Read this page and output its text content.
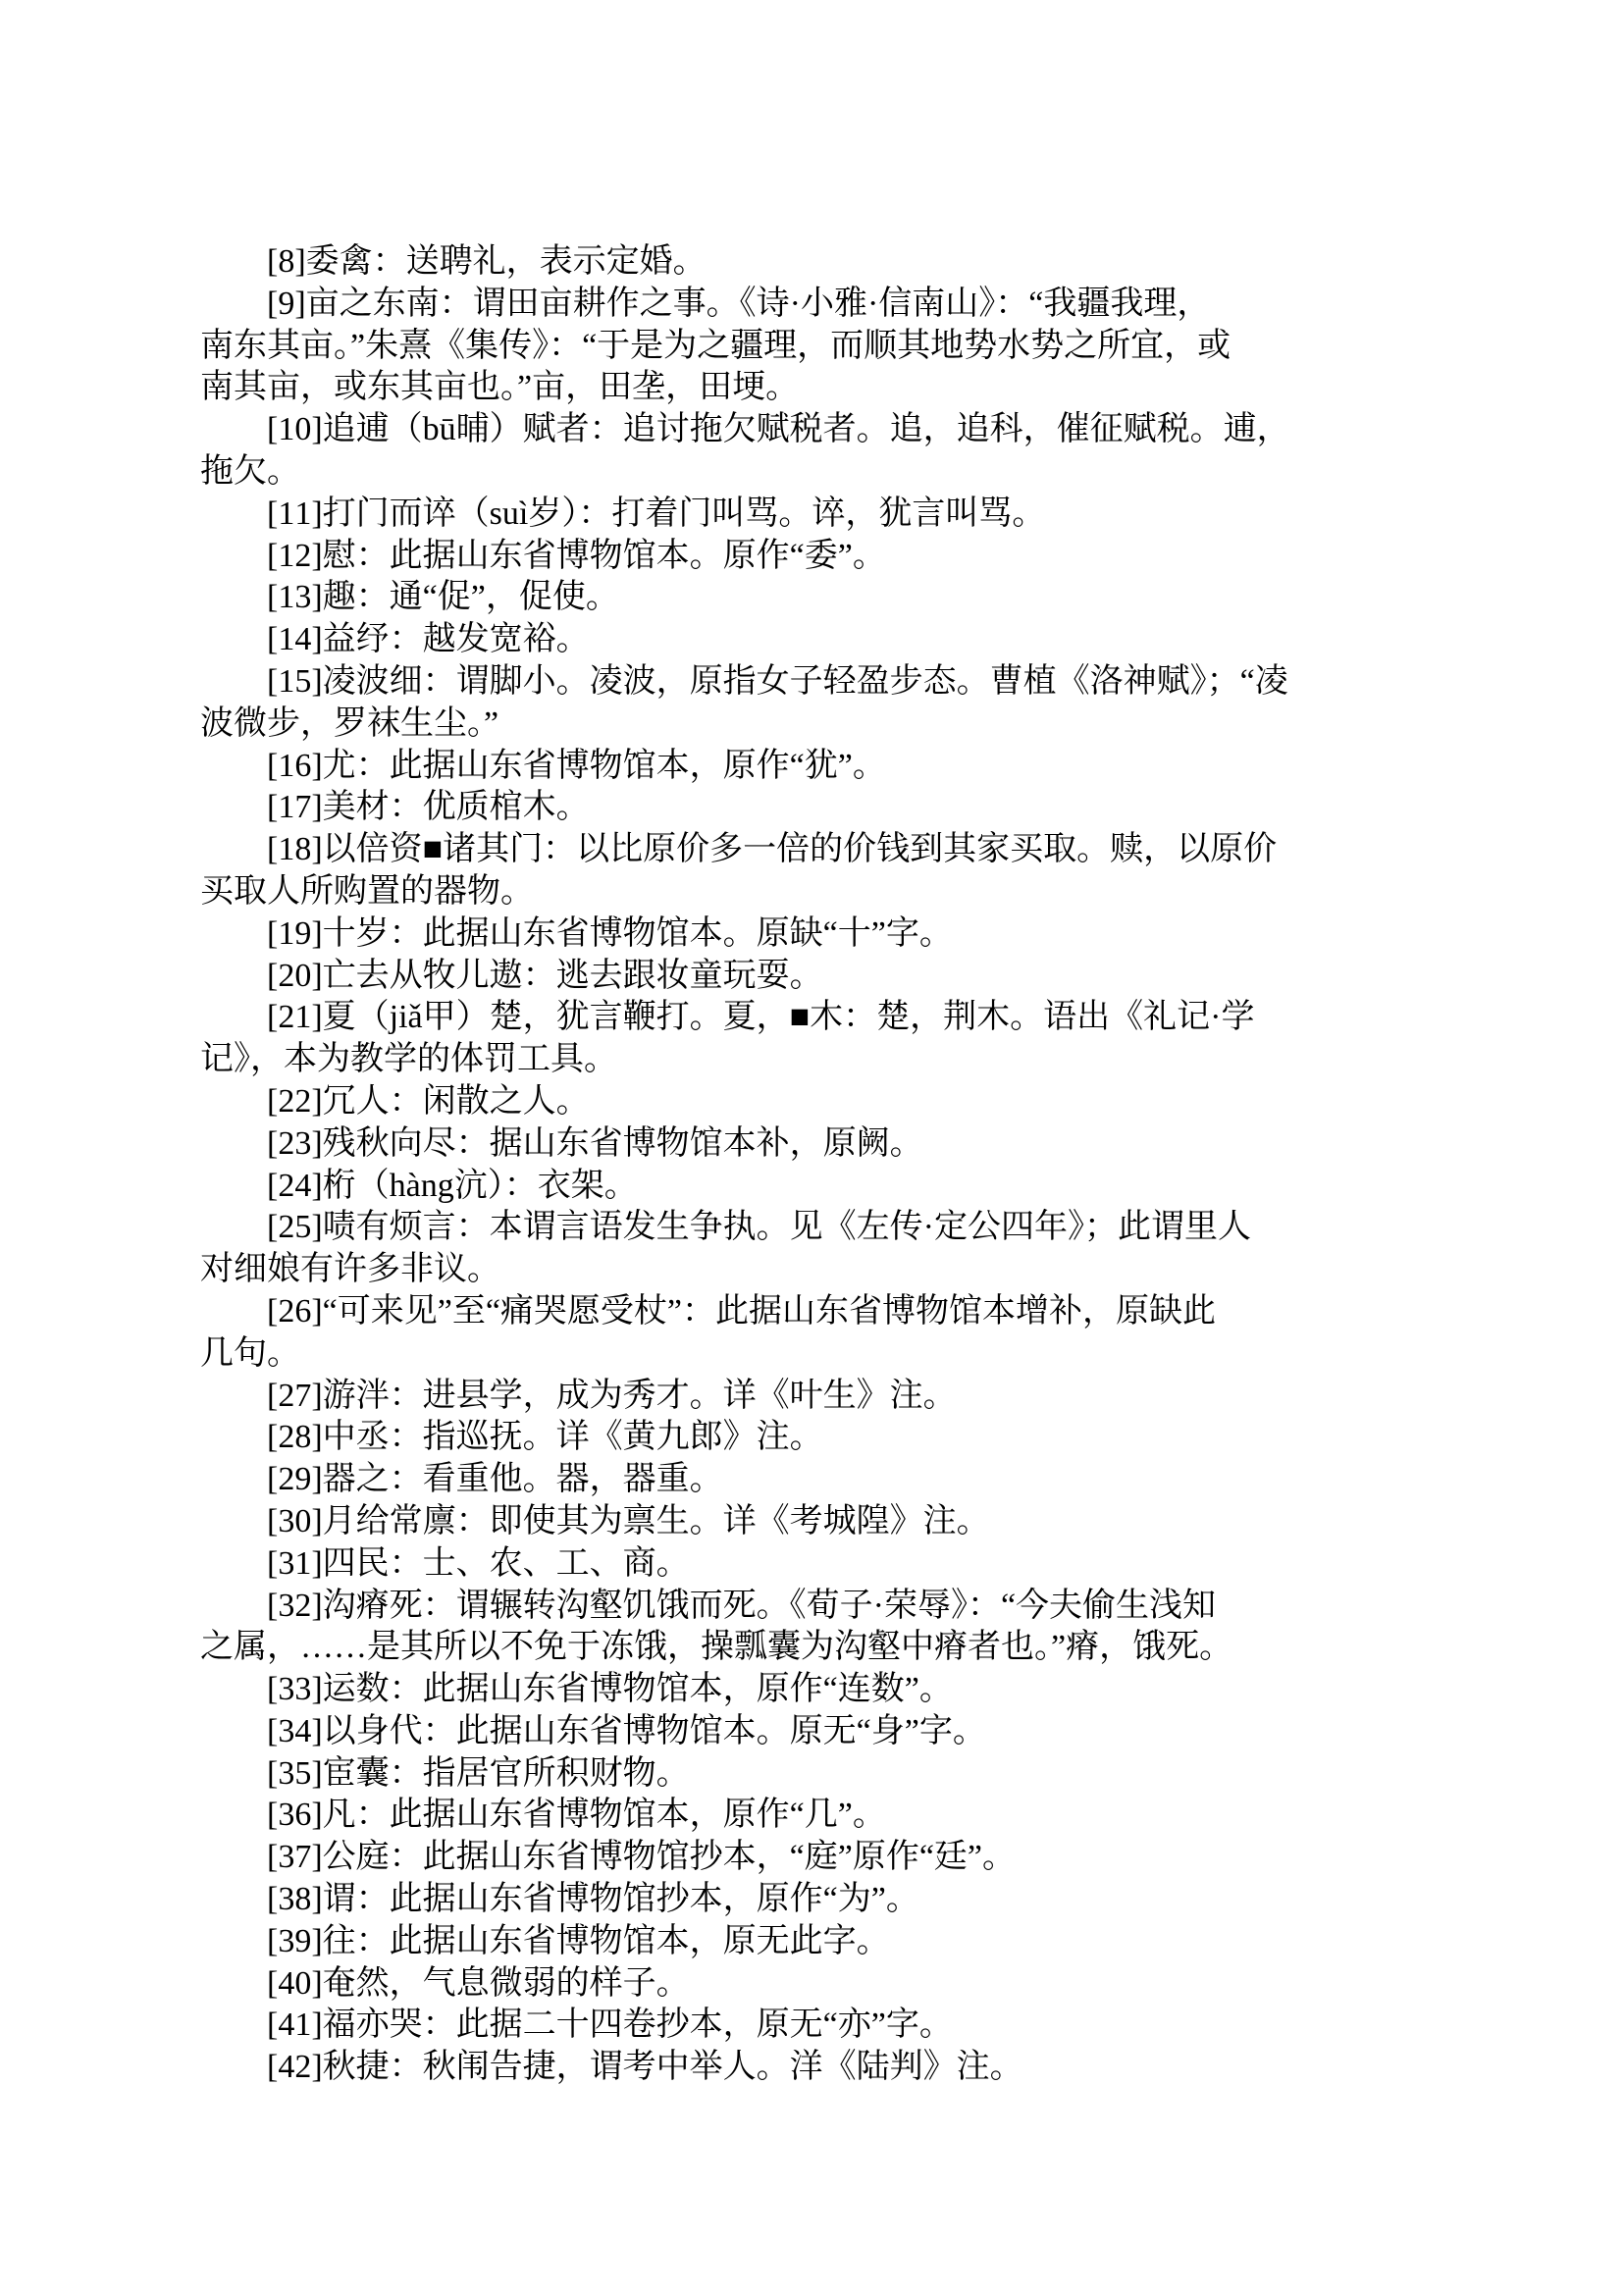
[8]委禽：送聘礼，表示定婚。
[9]亩之东南：谓田亩耕作之事。《诗·小雅·信南山》：“我疆我理，
南东其亩。”朱熹《集传》：“于是为之疆理，而顺其地势水势之所宜，或
南其亩，或东其亩也。”亩，田垄，田埂。
[10]追逋（bū晡）赋者：追讨拖欠赋税者。追，追科，催征赋税。逋，
拖欠。
[11]打门而谇（suì岁）：打着门叫骂。谇，犹言叫骂。
[12]慰：此据山东省博物馆本。原作“委”。
[13]趣：通“促”，促使。
[14]益纾：越发宽裕。
[15]凌波细：谓脚小。凌波，原指女子轻盈步态。曹植《洛神赋》；“凌
波微步，罗袜生尘。”
[16]尤：此据山东省博物馆本，原作“犹”。
[17]美材：优质棺木。
[18]以倍资■诸其门：以比原价多一倍的价钱到其家买取。赎，以原价
买取人所购置的器物。
[19]十岁：此据山东省博物馆本。原缺“十”字。
[20]亡去从牧儿遨：逃去跟妆童玩耍。
[21]夏（jiǎ甲）楚，犹言鞭打。夏，■木：楚，荆木。语出《礼记·学
记》，本为教学的体罚工具。
[22]冗人：闲散之人。
[23]残秋向尽：据山东省博物馆本补，原阙。
[24]桁（hàng沆）：衣架。
[25]啧有烦言：本谓言语发生争执。见《左传·定公四年》；此谓里人
对细娘有许多非议。
[26]“可来见”至“痛哭愿受杖”：此据山东省博物馆本增补，原缺此
几句。
[27]游泮：进县学，成为秀才。详《叶生》注。
[28]中丞：指巡抚。详《黄九郎》注。
[29]器之：看重他。器，器重。
[30]月给常廪：即使其为禀生。详《考城隍》注。
[31]四民：士、农、工、商。
[32]沟瘠死：谓辗转沟壑饥饿而死。《荀子·荣辱》：“今夫偷生浅知
之属，……是其所以不免于冻饿，操瓢囊为沟壑中瘠者也。”瘠，饿死。
[33]运数：此据山东省博物馆本，原作“连数”。
[34]以身代：此据山东省博物馆本。原无“身”字。
[35]宦囊：指居官所积财物。
[36]凡：此据山东省博物馆本，原作“几”。
[37]公庭：此据山东省博物馆抄本，“庭”原作“廷”。
[38]谓：此据山东省博物馆抄本，原作“为”。
[39]往：此据山东省博物馆本，原无此字。
[40]奄然，气息微弱的样子。
[41]福亦哭：此据二十四卷抄本，原无“亦”字。
[42]秋捷：秋闱告捷，谓考中举人。洋《陆判》注。
